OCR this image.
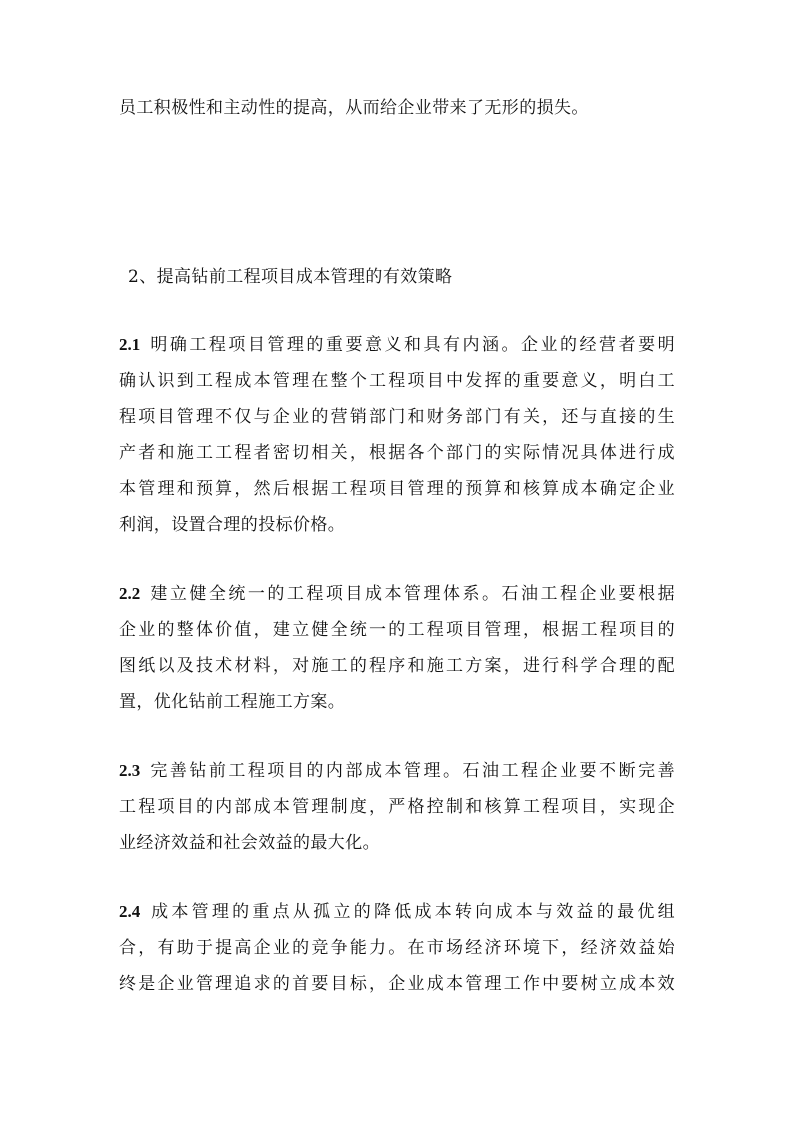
员工积极性和主动性的提高，从而给企业带来了无形的损失。
2、提高钻前工程项目成本管理的有效策略
2.1 明确工程项目管理的重要意义和具有内涵。企业的经营者要明
确认识到工程成本管理在整个工程项目中发挥的重要意义，明白工
程项目管理不仅与企业的营销部门和财务部门有关，还与直接的生
产者和施工工程者密切相关，根据各个部门的实际情况具体进行成
本管理和预算，然后根据工程项目管理的预算和核算成本确定企业
利润，设置合理的投标价格。
2.2 建立健全统一的工程项目成本管理体系。石油工程企业要根据
企业的整体价值，建立健全统一的工程项目管理，根据工程项目的
图纸以及技术材料，对施工的程序和施工方案，进行科学合理的配
置，优化钻前工程施工方案。
2.3 完善钻前工程项目的内部成本管理。石油工程企业要不断完善
工程项目的内部成本管理制度，严格控制和核算工程项目，实现企
业经济效益和社会效益的最大化。
2.4 成本管理的重点从孤立的降低成本转向成本与效益的最优组
合，有助于提高企业的竞争能力。在市场经济环境下，经济效益始
终是企业管理追求的首要目标，企业成本管理工作中要树立成本效
